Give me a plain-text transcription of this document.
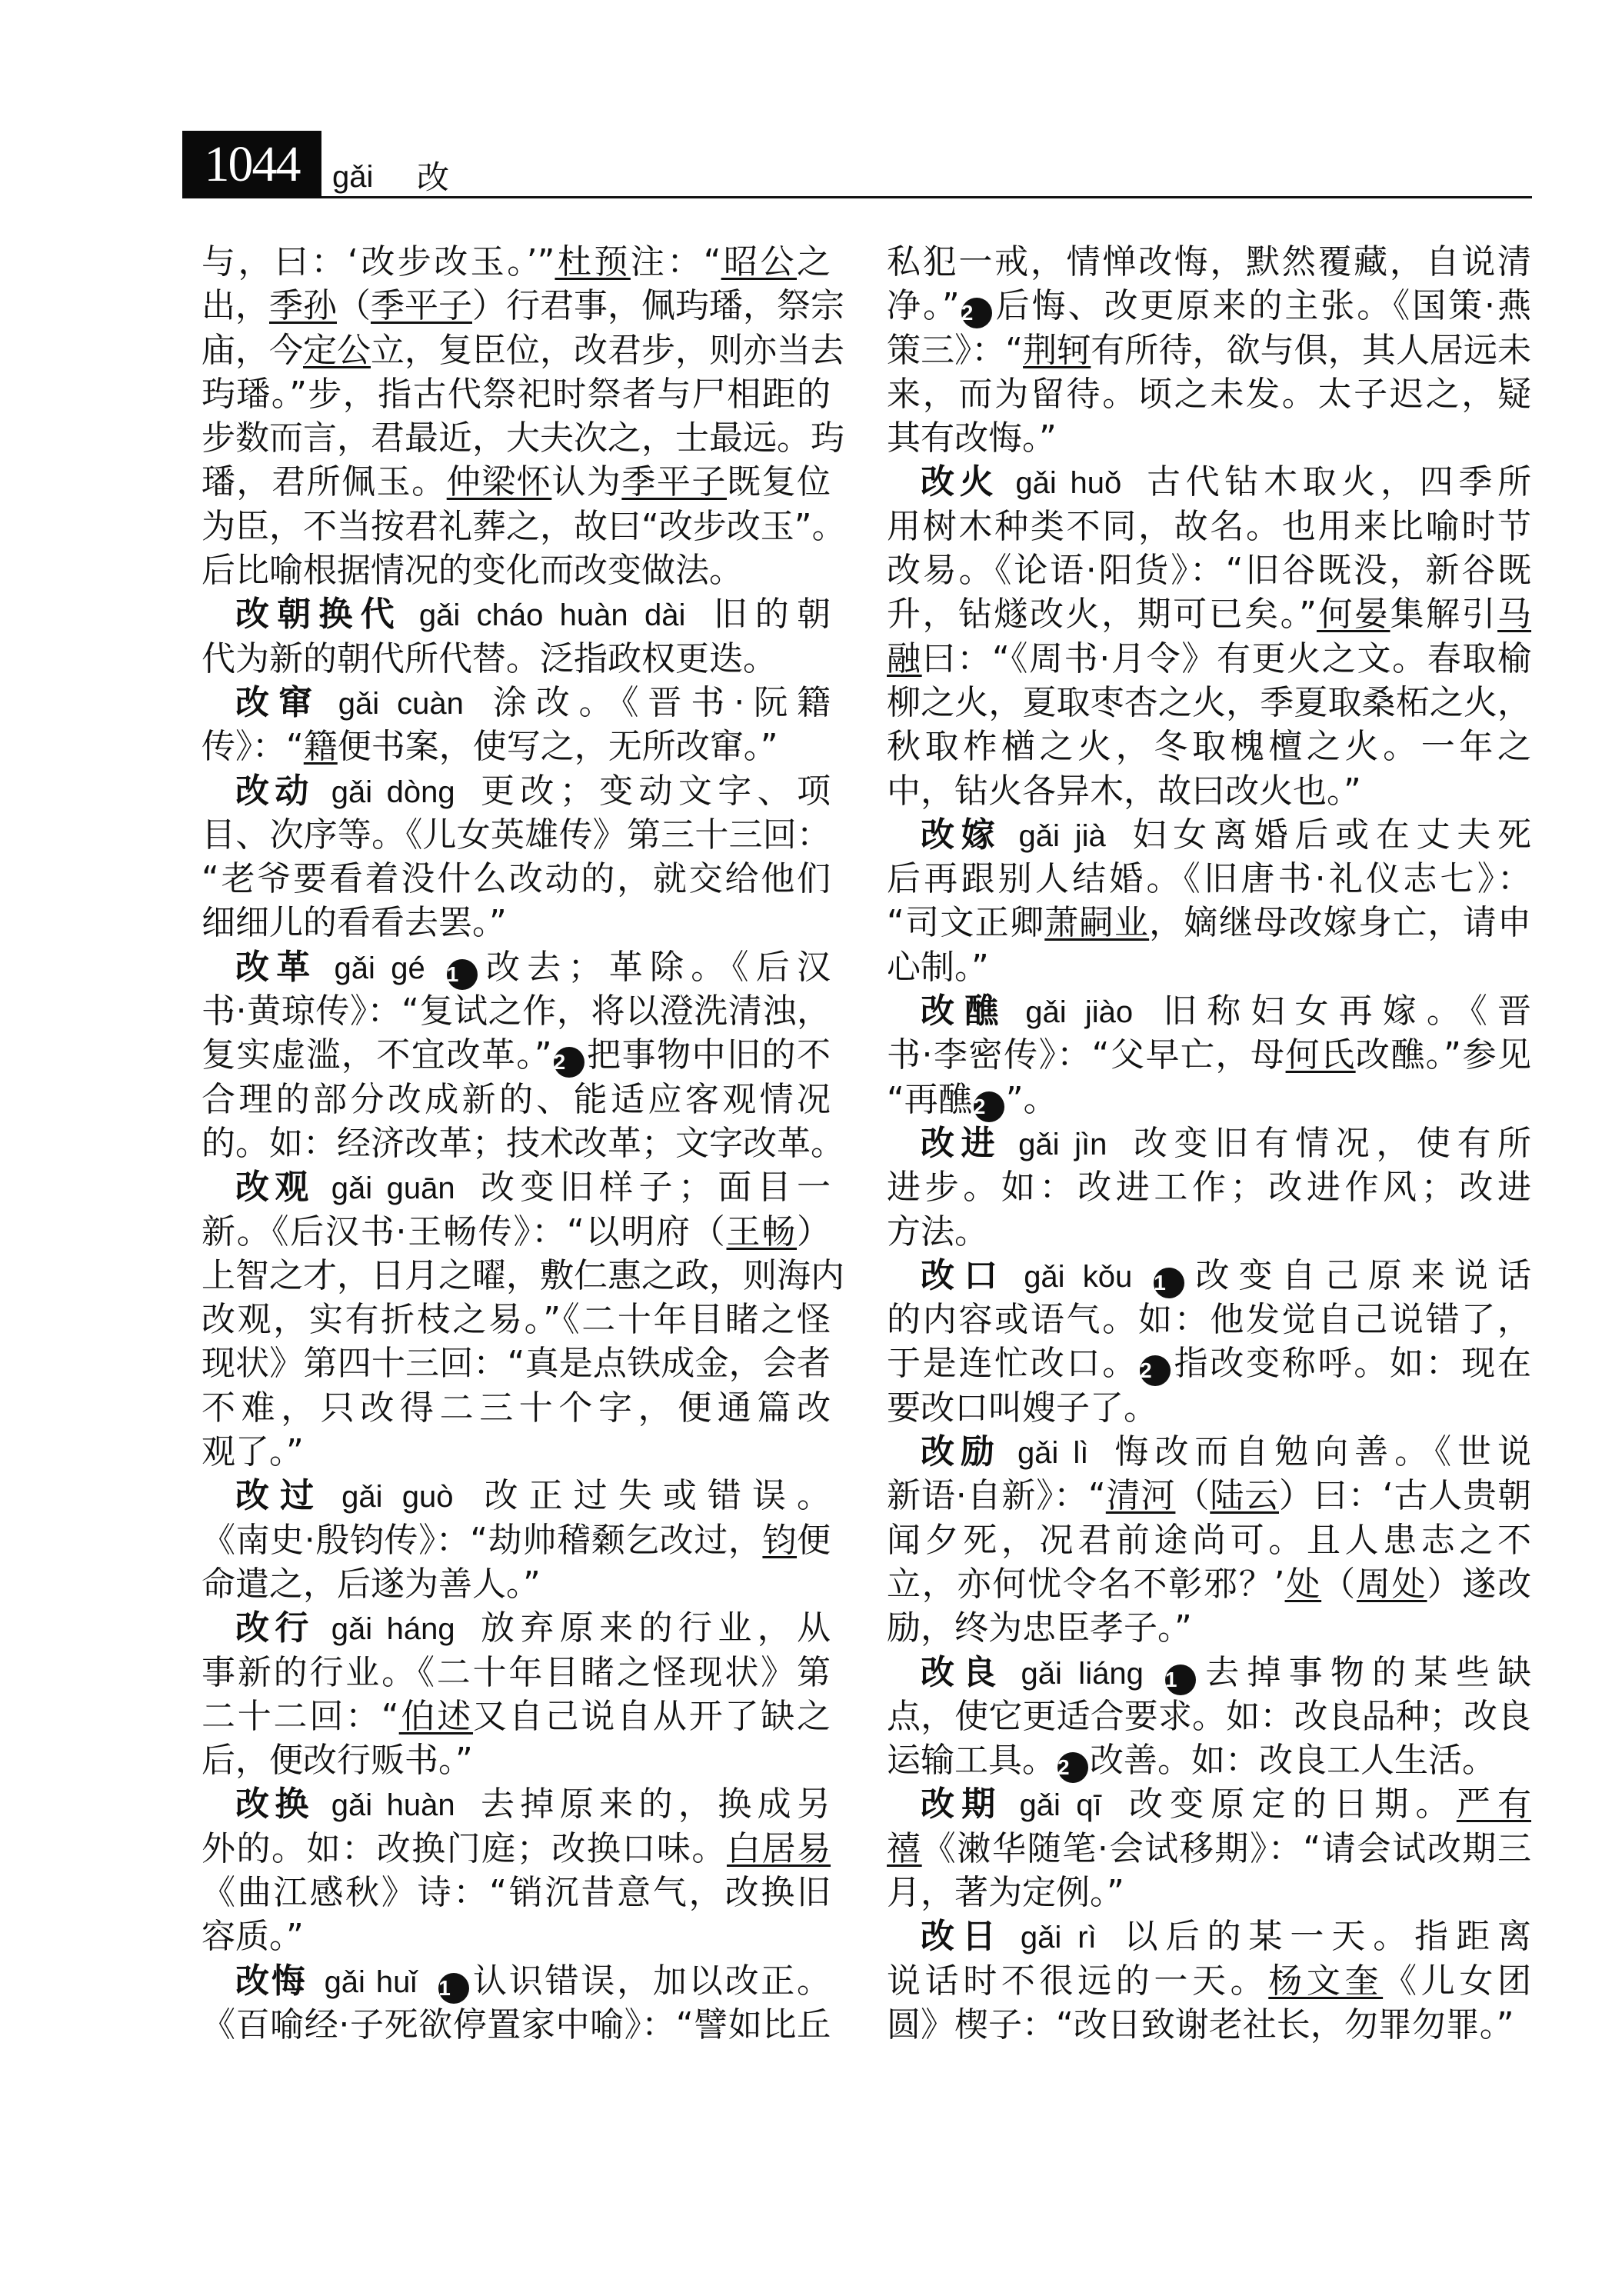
1044	gǎi 改
与，曰：‘改步改玉。’”杜预注：“昭公之
出，季孙（季平子）行君事，佩玙璠，祭宗
庙，今定公立，复臣位，改君步，则亦当去
玙璠。”步，指古代祭祀时祭者与尸相距的
步数而言，君最近，大夫次之，士最远。玙
璠，君所佩玉。仲梁怀认为季平子既复位
为臣，不当按君礼葬之，故曰“改步改玉”。
后比喻根据情况的变化而改变做法。
改朝换代 gǎi cháo huàn dài 旧的朝
代为新的朝代所代替。泛指政权更迭。
改窜 gǎi cuàn 涂改。《晋书·阮籍
传》：“籍便书案，使写之，无所改窜。”
改动 gǎi dòng 更改；变动文字、项
目、次序等。《儿女英雄传》第三十三回：
“老爷要看着没什么改动的，就交给他们
细细儿的看看去罢。”
改革 gǎi gé 1 改去；革除。《后汉
书·黄琼传》：“复试之作，将以澄洗清浊，
复实虚滥，不宜改革。”2 把事物中旧的不
合理的部分改成新的、能适应客观情况
的。如：经济改革；技术改革；文字改革。
改观 gǎi guān 改变旧样子；面目一
新。《后汉书·王畅传》：“以明府（王畅）
上智之才，日月之曜，敷仁惠之政，则海内
改观，实有折枝之易。”《二十年目睹之怪
现状》第四十三回：“真是点铁成金，会者
不难，只改得二三十个字，便通篇改
观了。”
改过 gǎi guò 改正过失或错误。
《南史·殷钧传》：“劫帅稽颡乞改过，钧便
命遣之，后遂为善人。”
改行 gǎi háng 放弃原来的行业，从
事新的行业。《二十年目睹之怪现状》第
二十二回：“伯述又自己说自从开了缺之
后，便改行贩书。”
改换 gǎi huàn 去掉原来的，换成另
外的。如：改换门庭；改换口味。白居易
《曲江感秋》诗：“销沉昔意气，改换旧
容质。”
改悔 gǎi huǐ 1 认识错误，加以改正。
《百喻经·子死欲停置家中喻》：“譬如比丘
私犯一戒，情惮改悔，默然覆藏，自说清
净。”2 后悔、改更原来的主张。《国策·燕
策三》：“荆轲有所待，欲与俱，其人居远未
来，而为留待。顷之未发。太子迟之，疑
其有改悔。”
改火 gǎi huǒ 古代钻木取火，四季所
用树木种类不同，故名。也用来比喻时节
改易。《论语·阳货》：“旧谷既没，新谷既
升，钻燧改火，期可已矣。”何晏集解引马
融曰：“《周书·月令》有更火之文。春取榆
柳之火，夏取枣杏之火，季夏取桑柘之火，
秋取柞楢之火，冬取槐檀之火。一年之
中，钻火各异木，故曰改火也。”
改嫁 gǎi jià 妇女离婚后或在丈夫死
后再跟别人结婚。《旧唐书·礼仪志七》：
“司文正卿萧嗣业，嫡继母改嫁身亡，请申
心制。”
改醮 gǎi jiào 旧称妇女再嫁。《晋
书·李密传》：“父早亡，母何氏改醮。”参见
“再醮2 ”。
改进 gǎi jìn 改变旧有情况，使有所
进步。如：改进工作；改进作风；改进
方法。
改口 gǎi kǒu 1 改变自己原来说话
的内容或语气。如：他发觉自己说错了，
于是连忙改口。2 指改变称呼。如：现在
要改口叫嫂子了。
改励 gǎi lì 悔改而自勉向善。《世说
新语·自新》：“清河（陆云）曰：‘古人贵朝
闻夕死，况君前途尚可。且人患志之不
立，亦何忧令名不彰邪？’处（周处）遂改
励，终为忠臣孝子。”
改良 gǎi liáng 1 去掉事物的某些缺
点，使它更适合要求。如：改良品种；改良
运输工具。2 改善。如：改良工人生活。
改期 gǎi qī 改变原定的日期。严有
禧《潄华随笔·会试移期》：“请会试改期三
月，著为定例。”
改日 gǎi rì 以后的某一天。指距离
说话时不很远的一天。杨文奎《儿女团
圆》楔子：“改日致谢老社长，勿罪勿罪。”
